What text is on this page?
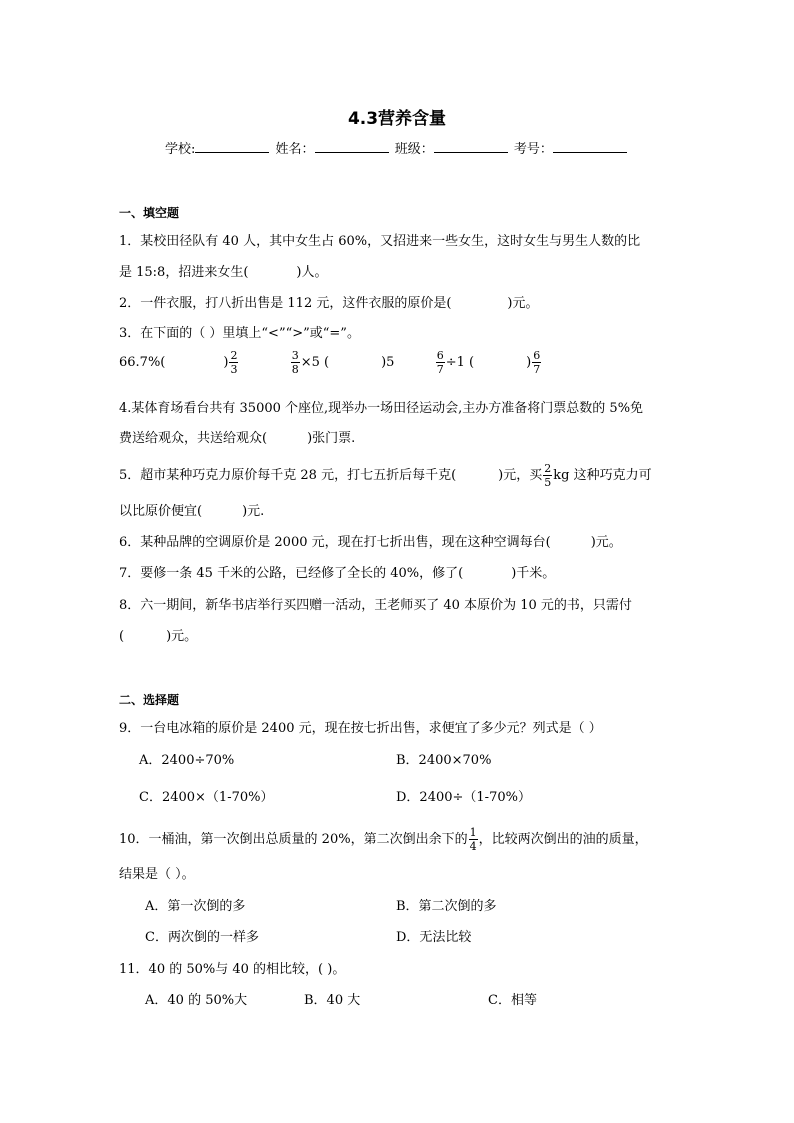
4.3营养含量
学校:	姓名：	班级：	考号：
一、填空题
1．某校田径队有 40 人，其中女生占 60%，又招进来一些女生，这时女生与男生人数的比
是 15:8，招进来女生(	)人。
2．一件衣服，打八折出售是 112 元，这件衣服的原价是(	)元。
3．在下面的（ ）里填上“<”“>”或“=”。
66.7%(	) $\frac{2}{3}$
	$\frac{3}{8} \times 5$ (	)5	$\frac{6}{7} \div 1$ (	) $\frac{6}{7}$
4.某体育场看台共有 35000 个座位,现举办一场田径运动会,主办方准备将门票总数的 5%免
费送给观众，共送给观众(	)张门票.
5．超市某种巧克力原价每千克 28 元，打七五折后每千克(	)元，买 $\frac{2}{5}$ kg 这种巧克力可
以比原价便宜(	)元.
6．某种品牌的空调原价是 2000 元，现在打七折出售，现在这种空调每台(	)元。
7．要修一条 45 千米的公路，已经修了全长的 40%，修了(	)千米。
8．六一期间，新华书店举行买四赠一活动，王老师买了 40 本原价为 10 元的书，只需付
(	)元。
二、选择题
9．一台电冰箱的原价是 2400 元，现在按七折出售，求便宜了多少元？列式是（ ）
A．2400÷70%	B．2400×70%
C．2400×（1-70%）	D．2400÷（1-70%）
10．一桶油，第一次倒出总质量的 20%，第二次倒出余下的 $\frac{1}{4}$ ，比较两次倒出的油的质量，
结果是（ ）。
A．第一次倒的多	B．第二次倒的多
C．两次倒的一样多	D．无法比较
11．40 的 50%与 40 的相比较，( )。
A．40 的 50%大	B．40 大	C．相等
